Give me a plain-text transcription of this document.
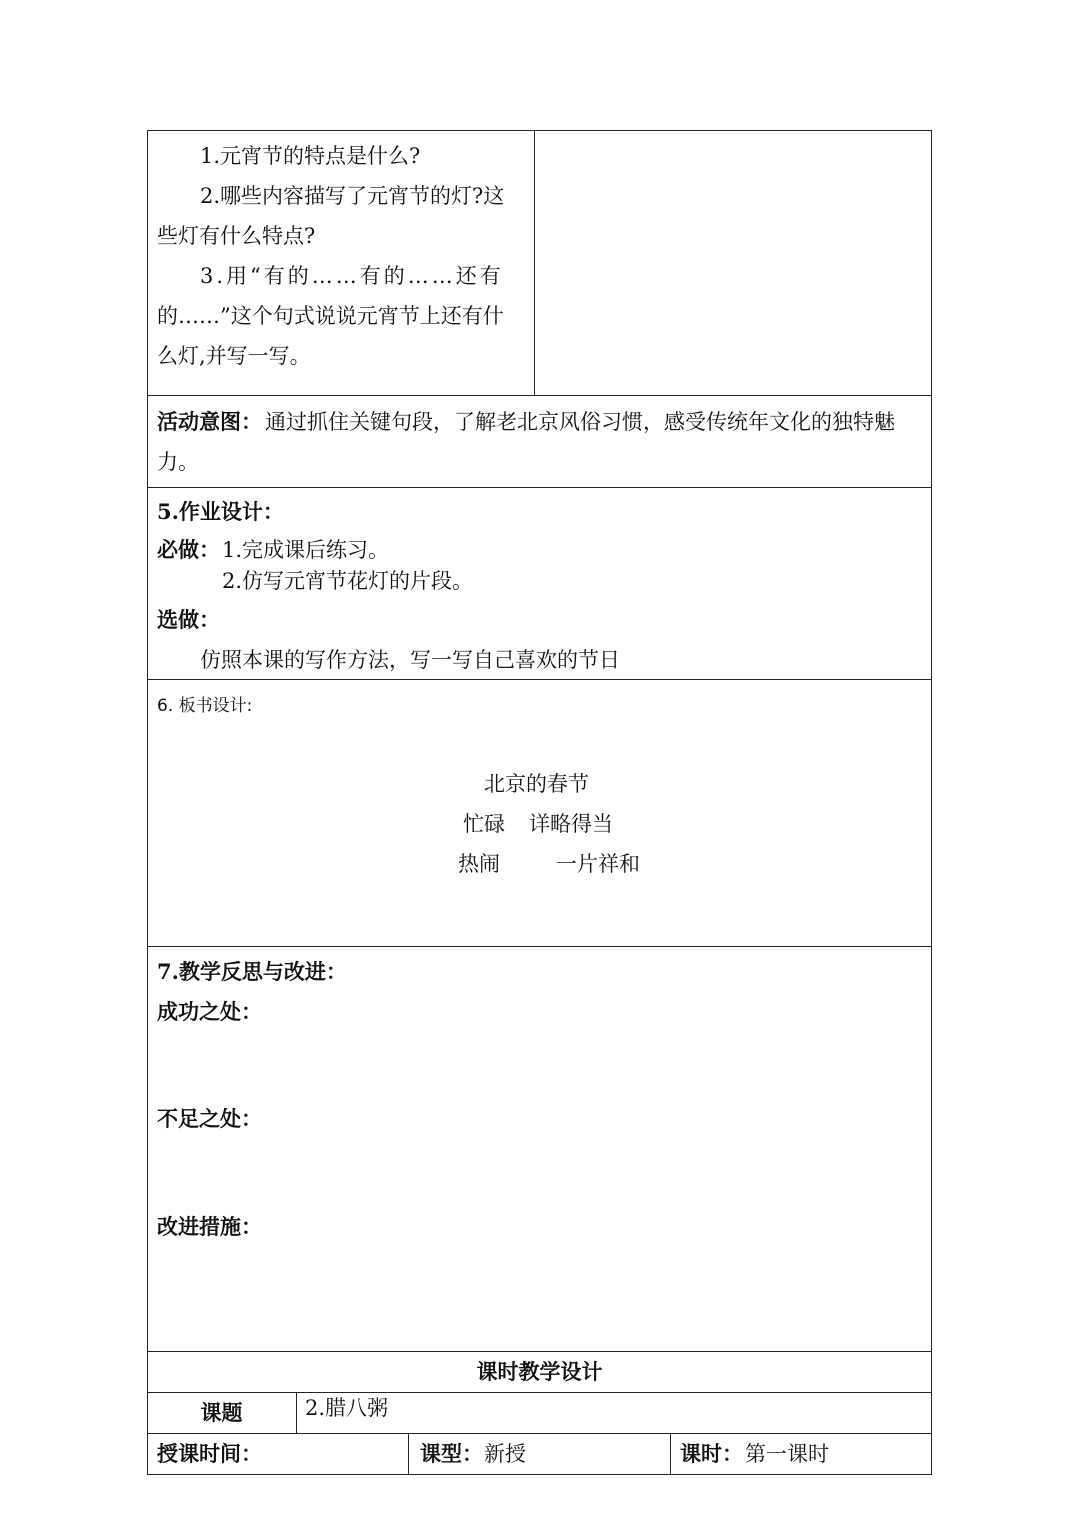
1.元宵节的特点是什么?
2.哪些内容描写了元宵节的灯?这
些灯有什么特点?
3.用“有的……有的……还有
的……”这个句式说说元宵节上还有什
么灯,并写一写。
活动意图： 通过抓住关键句段，了解老北京风俗习惯，感受传统年文化的独特魅
力。
5.作业设计：
必做： 1.完成课后练习。
2.仿写元宵节花灯的片段。
选做：
仿照本课的写作方法，写一写自己喜欢的节日
6. 板书设计:
北京的春节
忙碌 详略得当
热闹	一片祥和
7.教学反思与改进：
成功之处：
不足之处：
改进措施：
课时教学设计
课题	2.腊八粥
授课时间：	课型： 新授	课时： 第一课时
